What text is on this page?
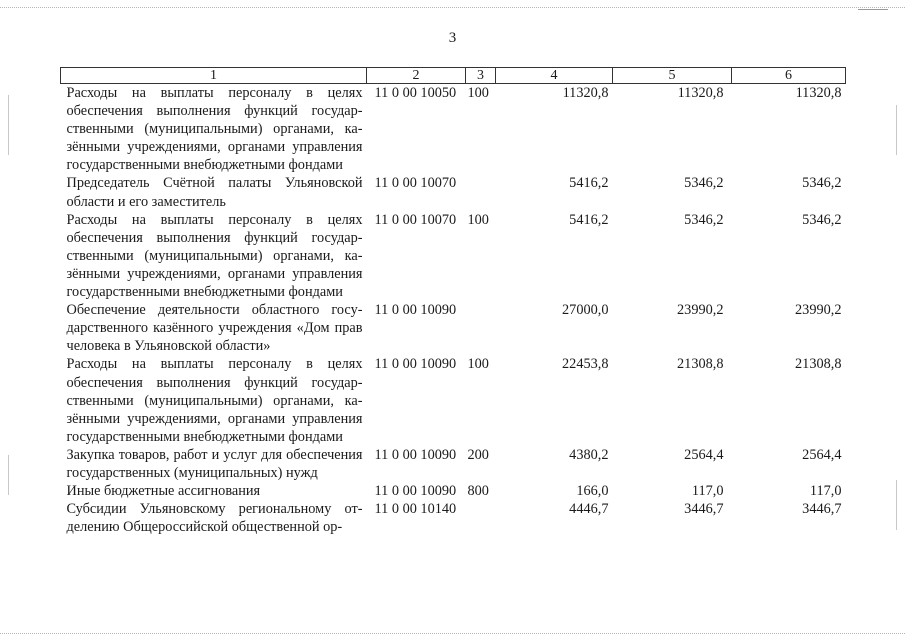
3
1	2	3	4	5	6
Расходы на выплаты персоналу в целях обеспечения выполнения функций государственными (муниципальными) органами, казёнными учреждениями, органами управления государственными внебюджетными фондами	11 0 00 10050	100	11320,8	11320,8	11320,8
Председатель Счётной палаты Ульяновской области и его заместитель	11 0 00 10070		5416,2	5346,2	5346,2
Расходы на выплаты персоналу в целях обеспечения выполнения функций государственными (муниципальными) органами, казёнными учреждениями, органами управления государственными внебюджетными фондами	11 0 00 10070	100	5416,2	5346,2	5346,2
Обеспечение деятельности областного государственного казённого учреждения «Дом прав человека в Ульяновской области»	11 0 00 10090		27000,0	23990,2	23990,2
Расходы на выплаты персоналу в целях обеспечения выполнения функций государственными (муниципальными) органами, казёнными учреждениями, органами управления государственными внебюджетными фондами	11 0 00 10090	100	22453,8	21308,8	21308,8
Закупка товаров, работ и услуг для обеспечения государственных (муниципальных) нужд	11 0 00 10090	200	4380,2	2564,4	2564,4
Иные бюджетные ассигнования	11 0 00 10090	800	166,0	117,0	117,0
Субсидии Ульяновскому региональному отделению Общероссийской общественной ор-	11 0 00 10140		4446,7	3446,7	3446,7
